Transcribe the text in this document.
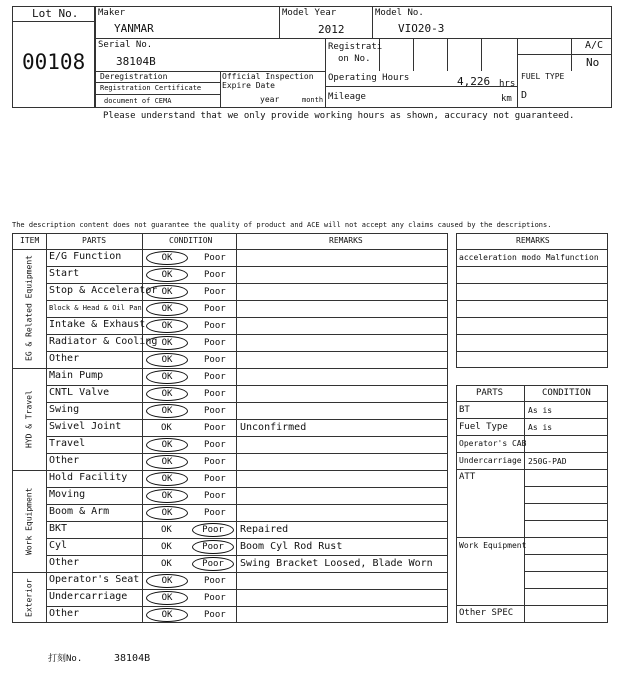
Lot No.
00108
Maker
YANMAR
Model Year
2012
Model No.
VIO20-3
Serial No.
38104B
Registrati
on No.
A/C
No
Deregistration
Registration Certificate
document of CEMA
Official Inspection
Expire Date
year	month
Operating Hours	4,226 hrs
Mileage	km
FUEL TYPE
D
Please understand that we only provide working hours as shown, accuracy not guaranteed.
The description content does not guarantee the quality of product and ACE will not accept any claims caused by the descriptions.
ITEM	PARTS	CONDITION	REMARKS
EG & Related Equipment
HYD & Travel
Work Equipment
Exterior
E/G Function	OK	Poor
Start	OK	Poor
Stop & Accelerator OK	Poor
Block & Head & Oil Pan	OK	Poor
Intake & Exhaust	OK	Poor
Radiator & Cooling OK	Poor
Other	OK	Poor
Main Pump	OK	Poor
CNTL Valve	OK	Poor
Swing	OK	Poor
Swivel Joint	OK	Poor Unconfirmed
Travel	OK	Poor
Other	OK	Poor
Hold Facility	OK	Poor
Moving	OK	Poor
Boom & Arm	OK	Poor
BKT	OK	Poor	Repaired
Cyl	OK	Poor	Boom Cyl Rod Rust
Other	OK	Poor	Swing Bracket Loosed, Blade Worn
Operator's Seat	OK	Poor
Undercarriage	OK	Poor
Other	OK	Poor
REMARKS
acceleration modo Malfunction
PARTS	CONDITION
BT	As is
Fuel Type	As is
Operator's CAB
Undercarriage 250G-PAD
ATT
Work Equipment
Other SPEC
打刻No.	38104B
